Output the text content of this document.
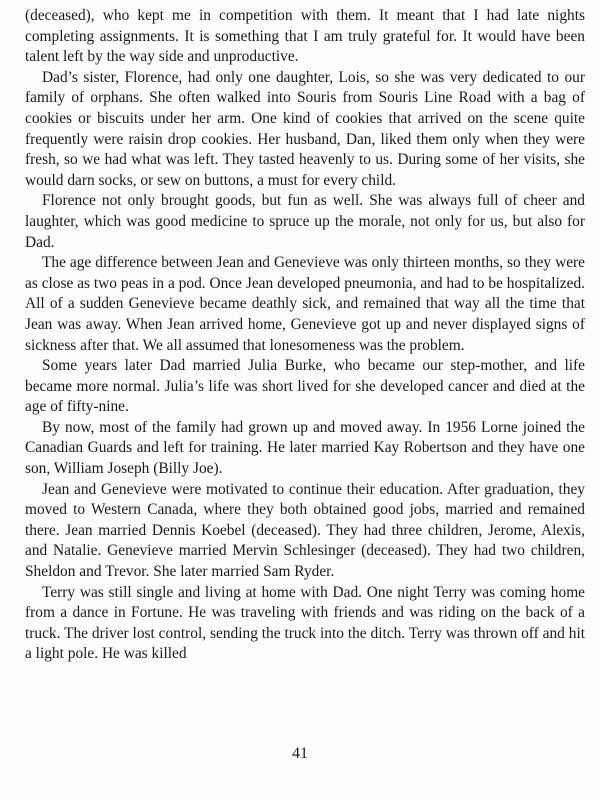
(deceased), who kept me in competition with them. It meant that I had late nights completing assignments. It is something that I am truly grateful for. It would have been talent left by the way side and unproductive.

Dad’s sister, Florence, had only one daughter, Lois, so she was very dedicated to our family of orphans. She often walked into Souris from Souris Line Road with a bag of cookies or biscuits under her arm. One kind of cookies that arrived on the scene quite frequently were raisin drop cookies. Her husband, Dan, liked them only when they were fresh, so we had what was left. They tasted heavenly to us. During some of her visits, she would darn socks, or sew on buttons, a must for every child.

Florence not only brought goods, but fun as well. She was always full of cheer and laughter, which was good medicine to spruce up the morale, not only for us, but also for Dad.

The age difference between Jean and Genevieve was only thirteen months, so they were as close as two peas in a pod. Once Jean developed pneumonia, and had to be hospitalized. All of a sudden Genevieve became deathly sick, and remained that way all the time that Jean was away. When Jean arrived home, Genevieve got up and never displayed signs of sickness after that. We all assumed that lonesomeness was the problem.

Some years later Dad married Julia Burke, who became our step-mother, and life became more normal. Julia’s life was short lived for she developed cancer and died at the age of fifty-nine.

By now, most of the family had grown up and moved away. In 1956 Lorne joined the Canadian Guards and left for training. He later married Kay Robertson and they have one son, William Joseph (Billy Joe).

Jean and Genevieve were motivated to continue their education. After graduation, they moved to Western Canada, where they both obtained good jobs, married and remained there. Jean married Dennis Koebel (deceased). They had three children, Jerome, Alexis, and Natalie. Genevieve married Mervin Schlesinger (deceased). They had two children, Sheldon and Trevor. She later married Sam Ryder.

Terry was still single and living at home with Dad. One night Terry was coming home from a dance in Fortune. He was traveling with friends and was riding on the back of a truck. The driver lost control, sending the truck into the ditch. Terry was thrown off and hit a light pole. He was killed

41
